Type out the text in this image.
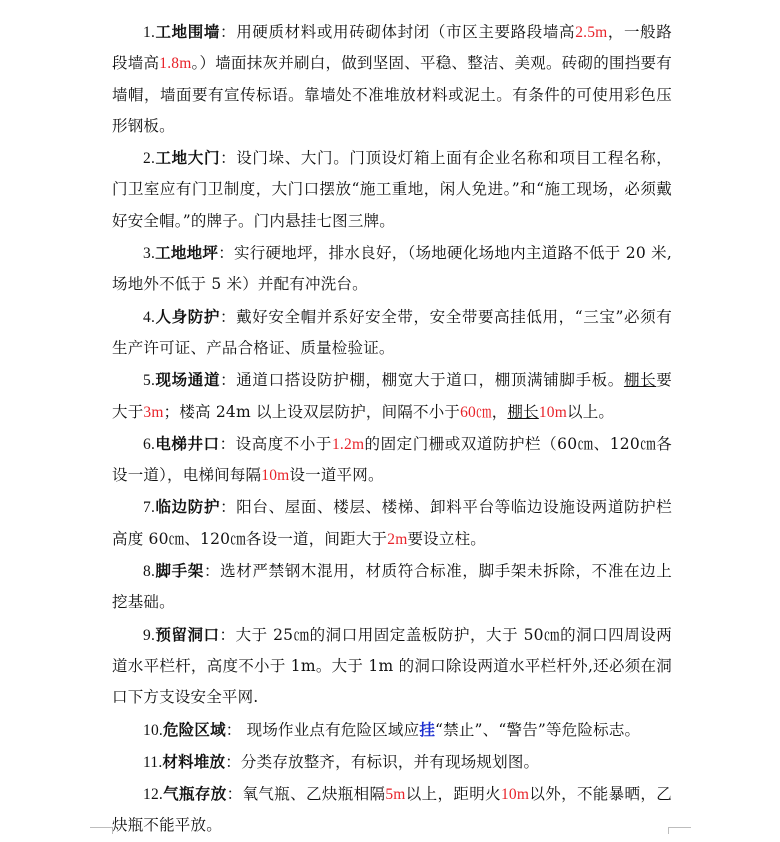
1.工地围墙：用硬质材料或用砖砌体封闭（市区主要路段墙高2.5m，一般路段墙高1.8m。）墙面抹灰并刷白，做到坚固、平稳、整洁、美观。砖砌的围挡要有墙帽，墙面要有宣传标语。靠墙处不准堆放材料或泥土。有条件的可使用彩色压形钢板。

2.工地大门：设门垛、大门。门顶设灯箱上面有企业名称和项目工程名称，门卫室应有门卫制度，大门口摆放“施工重地，闲人免进。”和“施工现场，必须戴好安全帽。”的牌子。门内悬挂七图三牌。

3.工地地坪：实行硬地坪，排水良好，（场地硬化场地内主道路不低于 20 米,场地外不低于 5 米）并配有冲洗台。

4.人身防护：戴好安全帽并系好安全带，安全带要高挂低用，“三宝”必须有生产许可证、产品合格证、质量检验证。

5.现场通道：通道口搭设防护棚，棚宽大于道口，棚顶满铺脚手板。棚长要大于3m；楼高 24m 以上设双层防护，间隔不小于60㎝，棚长10m以上。

6.电梯井口：设高度不小于1.2m的固定门栅或双道防护栏（60㎝、120㎝各设一道），电梯间每隔10m设一道平网。

7.临边防护：阳台、屋面、楼层、楼梯、卸料平台等临边设施设两道防护栏高度 60㎝、120㎝各设一道，间距大于2m要设立柱。

8.脚手架：选材严禁钢木混用，材质符合标准，脚手架未拆除，不准在边上挖基础。

9.预留洞口：大于 25㎝的洞口用固定盖板防护，大于 50㎝的洞口四周设两道水平栏杆，高度不小于 1m。大于 1m 的洞口除设两道水平栏杆外,还必须在洞口下方支设安全平网.

10.危险区域： 现场作业点有危险区域应挂“禁止”、“警告”等危险标志。

11.材料堆放：分类存放整齐，有标识，并有现场规划图。

12.气瓶存放：氧气瓶、乙炔瓶相隔5m以上，距明火10m以外，不能暴晒，乙炔瓶不能平放。
